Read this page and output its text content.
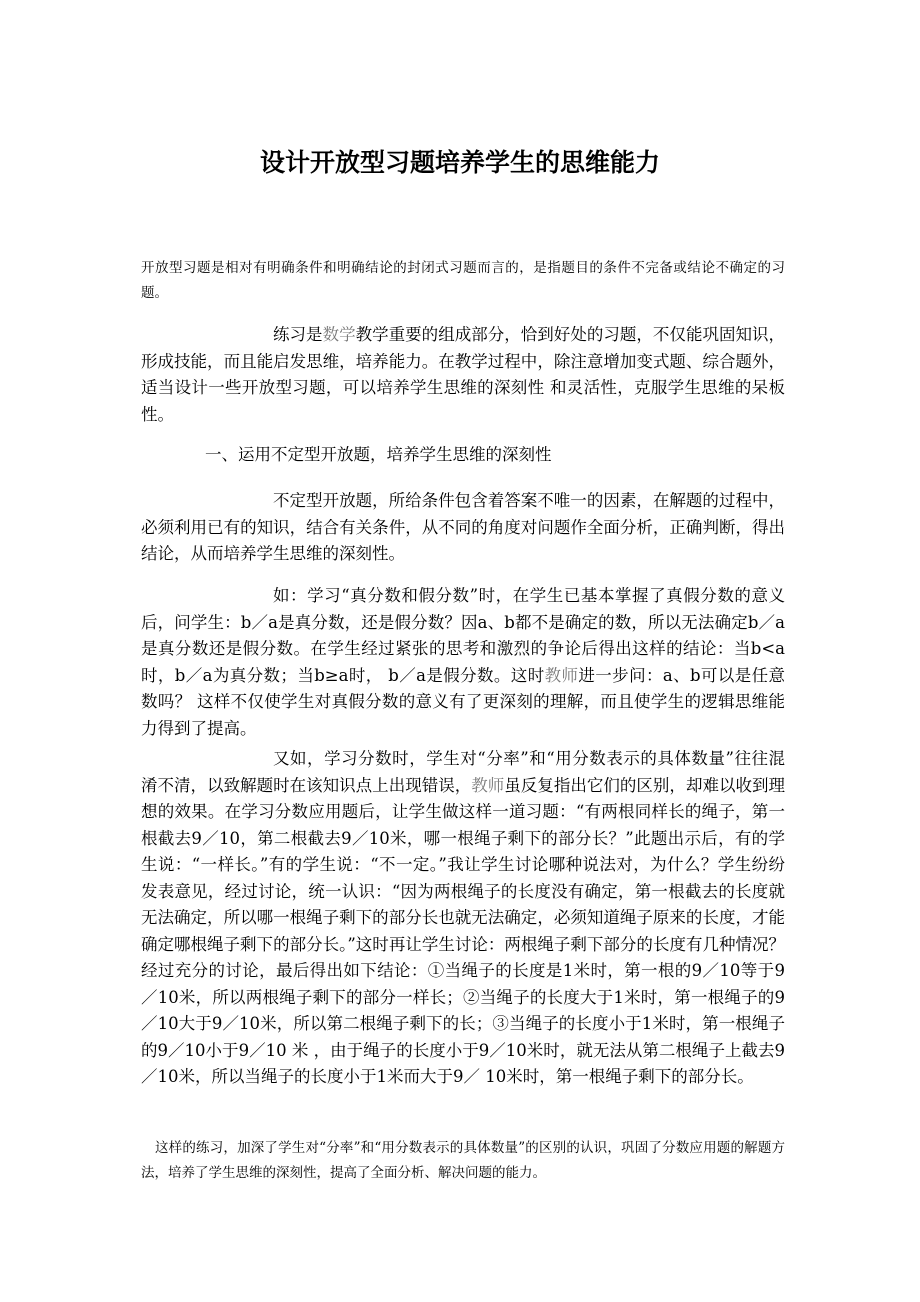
设计开放型习题培养学生的思维能力

开放型习题是相对有明确条件和明确结论的封闭式习题而言的，是指题目的条件不完备或结论不确定的习题。

练习是数学教学重要的组成部分，恰到好处的习题，不仅能巩固知识，形成技能，而且能启发思维，培养能力。在教学过程中，除注意增加变式题、综合题外，适当设计一些开放型习题，可以培养学生思维的深刻性 和灵活性，克服学生思维的呆板性。

一、运用不定型开放题，培养学生思维的深刻性

不定型开放题，所给条件包含着答案不唯一的因素，在解题的过程中，必须利用已有的知识，结合有关条件，从不同的角度对问题作全面分析，正确判断，得出结论，从而培养学生思维的深刻性。

如：学习“真分数和假分数”时，在学生已基本掌握了真假分数的意义后，问学生：b／a是真分数，还是假分数？因a、b都不是确定的数，所以无法确定b／a是真分数还是假分数。在学生经过紧张的思考和激烈的争论后得出这样的结论：当b<a时，b／a为真分数；当b≥a时， b／a是假分数。这时教师进一步问：a、b可以是任意数吗？ 这样不仅使学生对真假分数的意义有了更深刻的理解，而且使学生的逻辑思维能力得到了提高。

又如，学习分数时，学生对“分率”和“用分数表示的具体数量”往往混淆不清，以致解题时在该知识点上出现错误，教师虽反复指出它们的区别，却难以收到理想的效果。在学习分数应用题后，让学生做这样一道习题：“有两根同样长的绳子，第一根截去9／10，第二根截去9／10米，哪一根绳子剩下的部分长？”此题出示后，有的学生说：“一样长。”有的学生说：“不一定。”我让学生讨论哪种说法对，为什么？学生纷纷发表意见，经过讨论，统一认识：“因为两根绳子的长度没有确定，第一根截去的长度就无法确定，所以哪一根绳子剩下的部分长也就无法确定，必须知道绳子原来的长度，才能确定哪根绳子剩下的部分长。”这时再让学生讨论：两根绳子剩下部分的长度有几种情况？经过充分的讨论，最后得出如下结论：①当绳子的长度是1米时，第一根的9／10等于9／10米，所以两根绳子剩下的部分一样长；②当绳子的长度大于1米时，第一根绳子的9／10大于9／10米，所以第二根绳子剩下的长；③当绳子的长度小于1米时，第一根绳子的9／10小于9／10 米 ，由于绳子的长度小于9／10米时，就无法从第二根绳子上截去9／10米，所以当绳子的长度小于1米而大于9／ 10米时，第一根绳子剩下的部分长。

这样的练习，加深了学生对“分率”和“用分数表示的具体数量”的区别的认识，巩固了分数应用题的解题方法，培养了学生思维的深刻性，提高了全面分析、解决问题的能力。
